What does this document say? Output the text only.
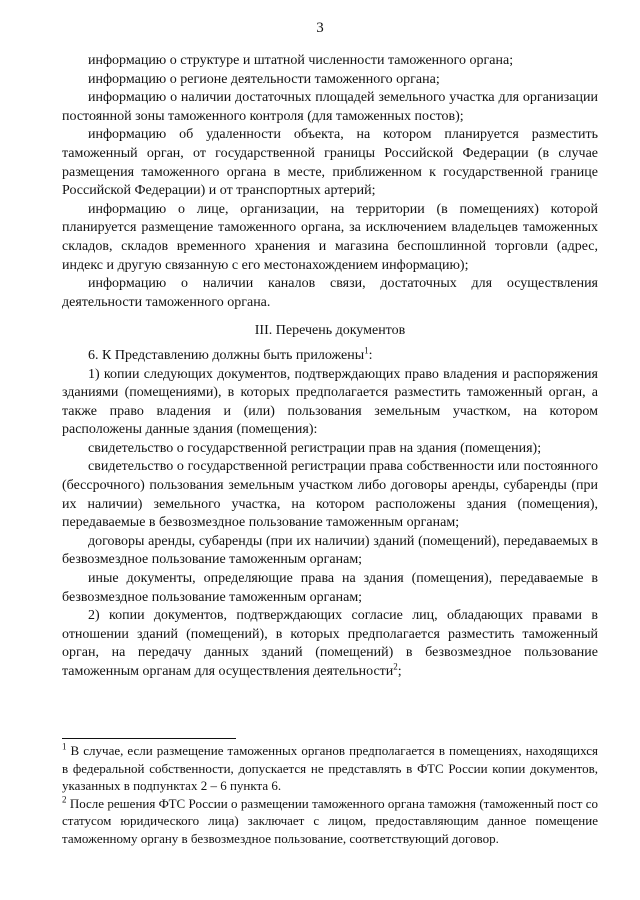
3

информацию о структуре и штатной численности таможенного органа;

информацию о регионе деятельности таможенного органа;

информацию о наличии достаточных площадей земельного участка для организации постоянной зоны таможенного контроля (для таможенных постов);

информацию об удаленности объекта, на котором планируется разместить таможенный орган, от государственной границы Российской Федерации (в случае размещения таможенного органа в месте, приближенном к государственной границе Российской Федерации) и от транспортных артерий;

информацию о лице, организации, на территории (в помещениях) которой планируется размещение таможенного органа, за исключением владельцев таможенных складов, складов временного хранения и магазина беспошлинной торговли (адрес, индекс и другую связанную с его местонахождением информацию);

информацию о наличии каналов связи, достаточных для осуществления деятельности таможенного органа.

III. Перечень документов

6. К Представлению должны быть приложены$^1$:

1) копии следующих документов, подтверждающих право владения и распоряжения зданиями (помещениями), в которых предполагается разместить таможенный орган, а также право владения и (или) пользования земельным участком, на котором расположены данные здания (помещения):

свидетельство о государственной регистрации прав на здания (помещения);

свидетельство о государственной регистрации права собственности или постоянного (бессрочного) пользования земельным участком либо договоры аренды, субаренды (при их наличии) земельного участка, на котором расположены здания (помещения), передаваемые в безвозмездное пользование таможенным органам;

договоры аренды, субаренды (при их наличии) зданий (помещений), передаваемых в безвозмездное пользование таможенным органам;

иные документы, определяющие права на здания (помещения), передаваемые в безвозмездное пользование таможенным органам;

2) копии документов, подтверждающих согласие лиц, обладающих правами в отношении зданий (помещений), в которых предполагается разместить таможенный орган, на передачу данных зданий (помещений) в безвозмездное пользование таможенным органам для осуществления деятельности$^2$;

$^1$ В случае, если размещение таможенных органов предполагается в помещениях, находящихся в федеральной собственности, допускается не представлять в ФТС России копии документов, указанных в подпунктах 2 – 6 пункта 6.

$^2$ После решения ФТС России о размещении таможенного органа таможня (таможенный пост со статусом юридического лица) заключает с лицом, предоставляющим данное помещение таможенному органу в безвозмездное пользование, соответствующий договор.
